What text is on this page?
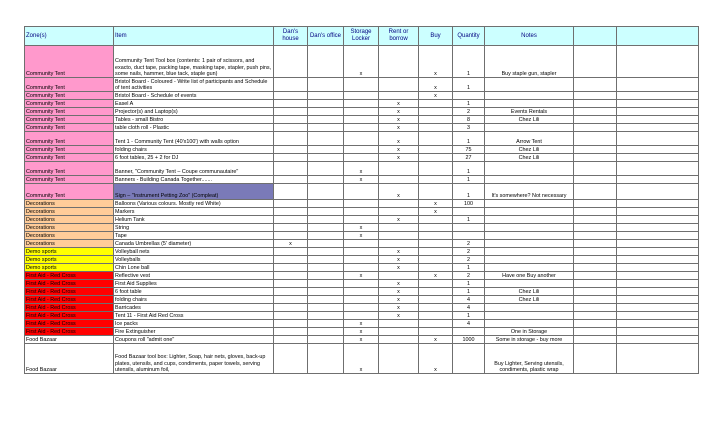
Zone(s)	Item	Dan's house	Dan's office	Storage Locker	Rent or borrow	Buy	Quantity	Notes		
Community Tent	Community Tent Tool box (contents: 1 pair of scissors, and exacto, duct tape, packing tape, masking tape, stapler, push pins, some nails, hammer, blue tack, staple gun)			x		x	1	Buy staple gun, stapler		
Community Tent	Bristol Board - Coloured - Write list of participants and Schedule of tent activities					x	1			
Community Tent	Bristol Board - Schedule of events					x				
Community Tent	Easel A				x		1			
Community Tent	Projector(s) and Laptop(s)				x		2	Events Rentals		
Community Tent	Tables - small Bistro				x		8	Chez Lili		
Community Tent	table cloth roll - Plastic				x		3			
Community Tent	Tent 1 - Community Tent (40'x100') with walls option				x		1	Arrow Tent		
Community Tent	folding chairs				x		75	Chez Lili		
Community Tent	6 foot tables, 25 + 2 for DJ				x		27	Chez Lili		
Community Tent	Banner, "Community Tent – Coupe communautaire"			x			1			
Community Tent	Banners - Building Canada Together.......			x			1			
Community Tent	Sign – "Instrument Petting Zoo" (Compleat)				x		1	It's somewhere? Not necessary		
Decorations	Balloons (Various colours. Mostly red White)					x	100			
Decorations	Markers					x				
Decorations	Helium Tank				x		1			
Decorations	String			x						
Decorations	Tape			x						
Decorations	Canada Umbrellas (5' diameter)	x					2			
Demo sports	Volleyball nets				x		2			
Demo sports	Volleyballs				x		2			
Demo sports	Chin Lone ball				x		1			
First Aid - Red Cross	Reflective vest			x		x	2	Have one Buy another		
First Aid - Red Cross	First Aid Supplies				x		1			
First Aid - Red Cross	6 foot table				x		1	Chez Lili		
First Aid - Red Cross	folding chairs				x		4	Chez Lili		
First Aid - Red Cross	Barricades				x		4			
First Aid - Red Cross	Tent 11 - First Aid Red Cross				x		1			
First Aid - Red Cross	Ice packs			x			4			
First Aid - Red Cross	Fire Extinguisher			x				One in Storage		
Food Bazaar	Coupons roll "admit one"			x		x	1000	Some in storage - buy more		
Food Bazaar	Food Bazaar tool box: Lighter, Soap, hair nets, gloves, back-up plates, utensils, and cups, condiments, paper towels, serving utensils, aluminum foil,			x		x		Buy Lighter, Serving utensils, condiments, plastic wrap		
